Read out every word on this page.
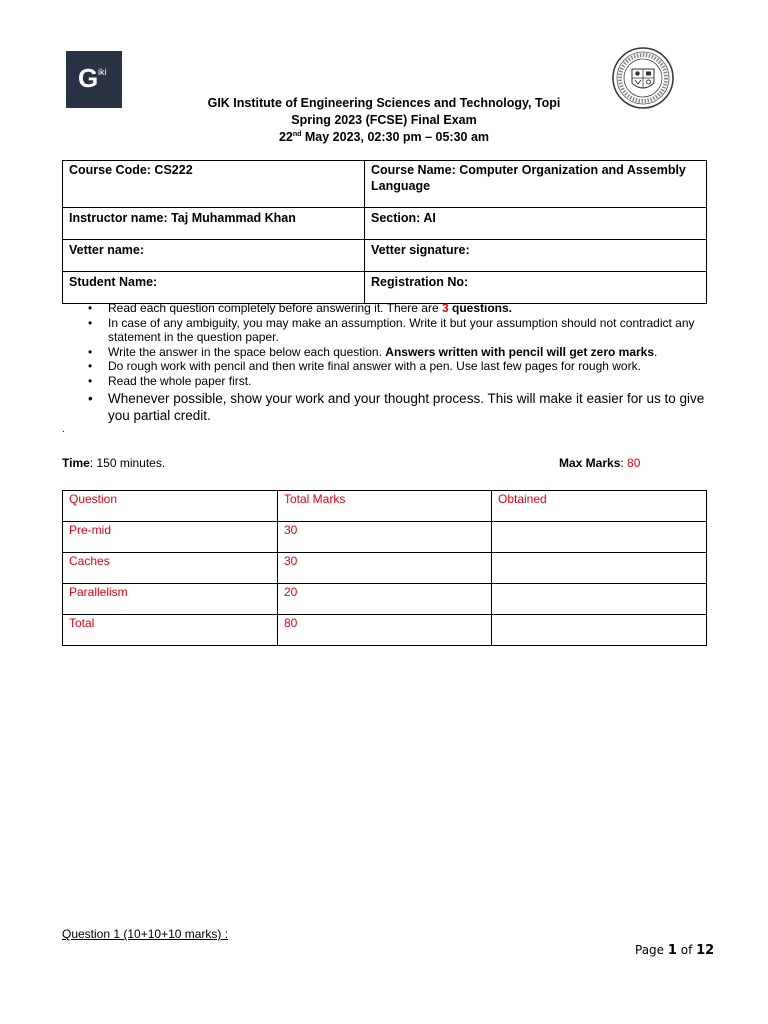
G iki
GIK Institute of Engineering Sciences and Technology, Topi
Spring 2023 (FCSE) Final Exam
22nd May 2023, 02:30 pm – 05:30 am
Course Code: CS222	Course Name: Computer Organization and Assembly Language
Instructor name: Taj Muhammad Khan	Section: AI
Vetter name:	Vetter signature:
Student Name:	Registration No:
• Read each question completely before answering it. There are 3 questions.
• In case of any ambiguity, you may make an assumption. Write it but your assumption should not contradict any statement in the question paper.
• Write the answer in the space below each question. Answers written with pencil will get zero marks.
• Do rough work with pencil and then write final answer with a pen. Use last few pages for rough work.
• Read the whole paper first.
• Whenever possible, show your work and your thought process. This will make it easier for us to give you partial credit.
.
Time: 150 minutes.	Max Marks: 80
Question	Total Marks	Obtained
Pre-mid	30	
Caches	30	
Parallelism	20	
Total	80	
Question 1 (10+10+10 marks) :
Page 1 of 12
